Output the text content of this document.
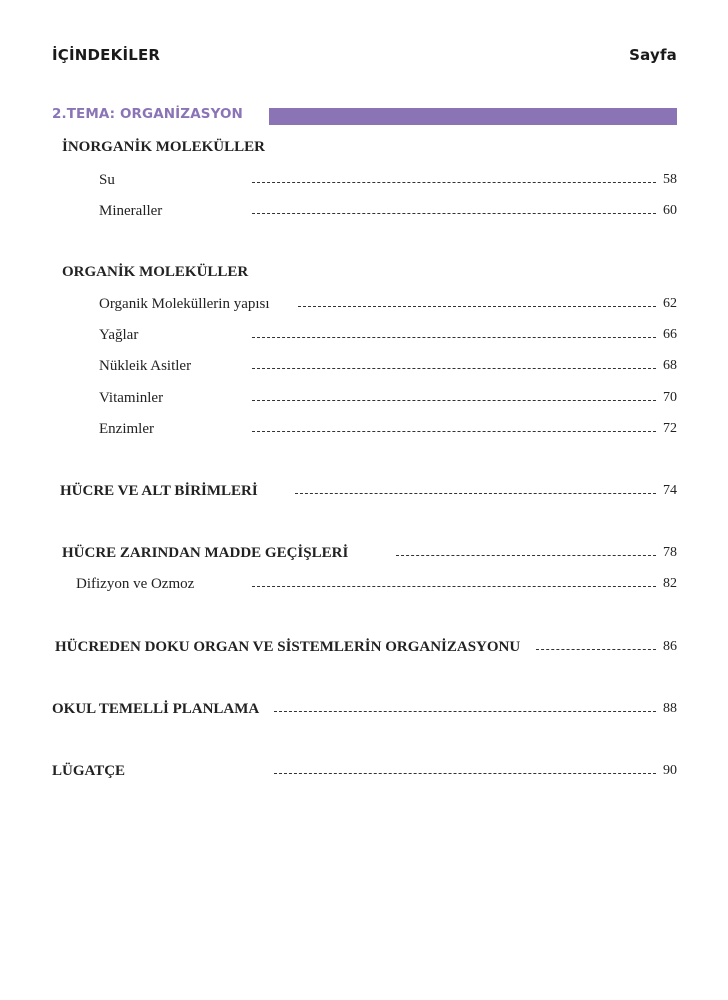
İÇİNDEKİLER	Sayfa
2.TEMA: ORGANİZASYON
İNORGANİK MOLEKÜLLER
Su	58
Mineraller	60
ORGANİK MOLEKÜLLER
Organik Moleküllerin yapısı	62
Yağlar	66
Nükleik Asitler	68
Vitaminler	70
Enzimler	72
HÜCRE VE ALT BİRİMLERİ	74
HÜCRE ZARINDAN MADDE GEÇİŞLERİ	78
Difizyon ve Ozmoz	82
HÜCREDEN DOKU ORGAN VE SİSTEMLERİN ORGANİZASYONU	86
OKUL TEMELLİ PLANLAMA	88
LÜGATÇE	90
